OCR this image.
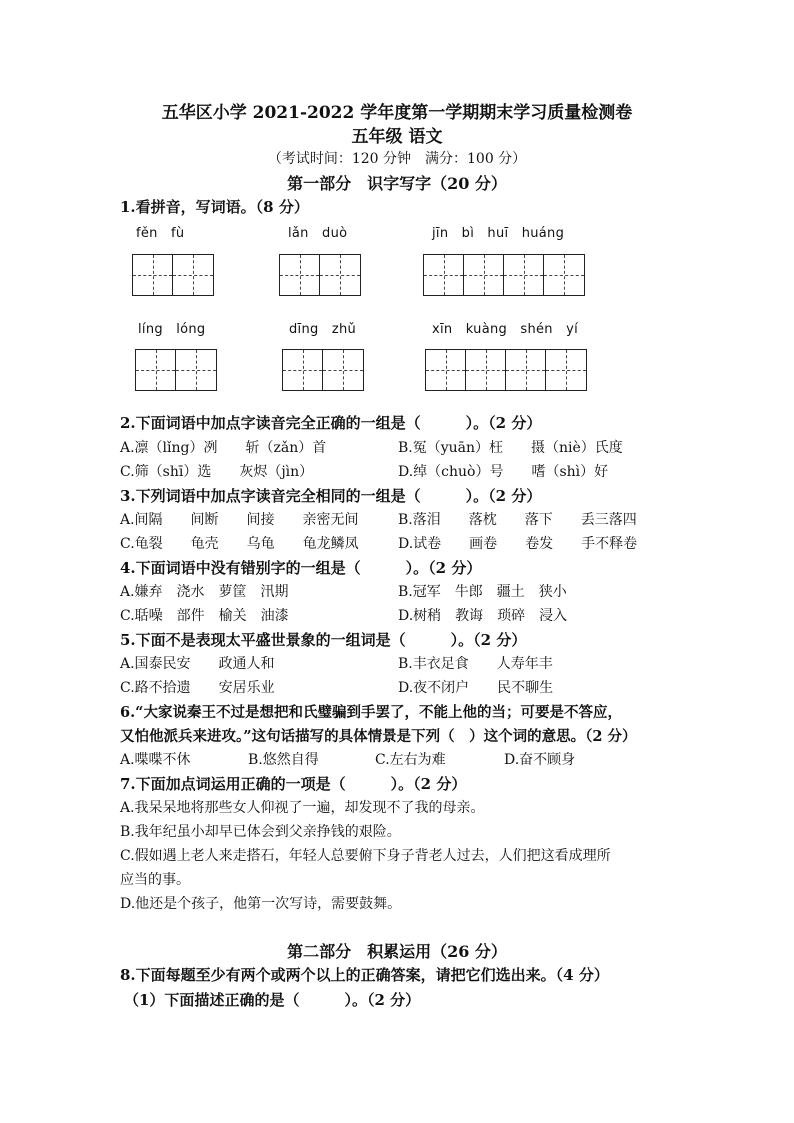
五华区小学 2021-2022 学年度第一学期期末学习质量检测卷
五年级 语文
（考试时间：120 分钟　满分：100 分）
第一部分　识字写字（20 分）
1.看拼音，写词语。（8 分）
fěn　fù	lǎn　duò	jīn　bì　huī　huáng
líng　lóng	dīng　zhǔ	xīn　kuàng　shén　yí
2.下面词语中加点字读音完全正确的一组是（　　　）。（2 分）
A.凛（lǐng）冽　　斩（zǎn）首	B.冤（yuān）枉　　摄（niè）氏度
C.筛（shī）选　　灰烬（jìn）	D.绰（chuò）号　　嗜（shì）好
3.下列词语中加点字读音完全相同的一组是（　　　）。（2 分）
A.间隔　　间断　　间接　　亲密无间	B.落泪　　落枕　　落下　　丢三落四
C.龟裂　　龟壳　　乌龟　　龟龙鳞凤	D.试卷　　画卷　　卷发　　手不释卷
4.下面词语中没有错别字的一组是（　　　）。（2 分）
A.嫌弃　浇水　萝筐　汛期	B.冠军　牛郎　疆土　狭小
C.聒噪　部件　榆关　油漆	D.树稍　教诲　琐碎　浸入
5.下面不是表现太平盛世景象的一组词是（　　　）。（2 分）
A.国泰民安　　政通人和	B.丰衣足食　　人寿年丰
C.路不拾遗　　安居乐业	D.夜不闭户　　民不聊生
6.“大家说秦王不过是想把和氏璧骗到手罢了，不能上他的当；可要是不答应，
又怕他派兵来进攻。”这句话描写的具体情景是下列（　）这个词的意思。（2 分）
A.喋喋不休	B.悠然自得	C.左右为难	D.奋不顾身
7.下面加点词运用正确的一项是（　　　）。（2 分）
A.我呆呆地将那些女人仰视了一遍，却发现不了我的母亲。
B.我年纪虽小却早已体会到父亲挣钱的艰险。
C.假如遇上老人来走搭石，年轻人总要俯下身子背老人过去，人们把这看成理所
应当的事。
D.他还是个孩子，他第一次写诗，需要鼓舞。
第二部分　积累运用（26 分）
8.下面每题至少有两个或两个以上的正确答案，请把它们选出来。（4 分）
（1）下面描述正确的是（　　　）。（2 分）
